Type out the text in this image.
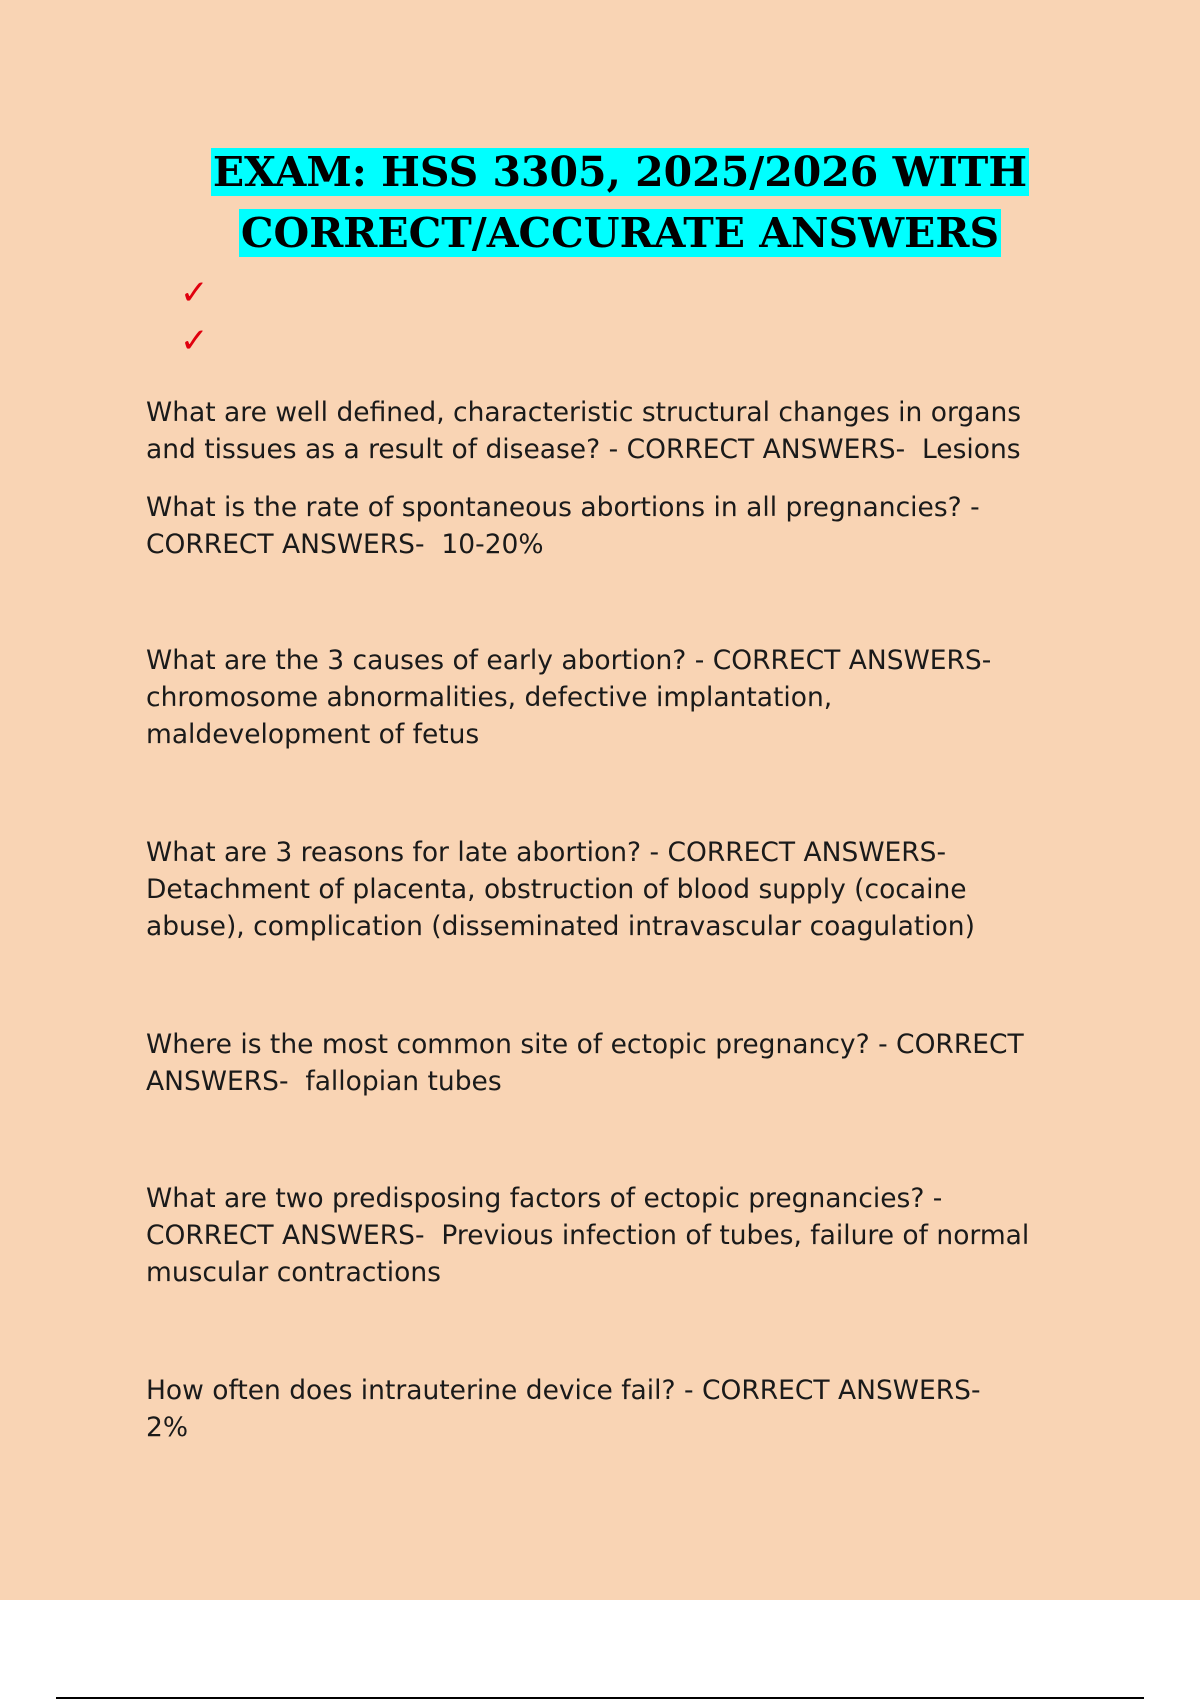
EXAM: HSS 3305, 2025/2026 WITH
CORRECT/ACCURATE ANSWERS
✓
✓

What are well defined, characteristic structural changes in organs
and tissues as a result of disease? - CORRECT ANSWERS-  Lesions

What is the rate of spontaneous abortions in all pregnancies? -
CORRECT ANSWERS-  10-20%

What are the 3 causes of early abortion? - CORRECT ANSWERS-
chromosome abnormalities, defective implantation,
maldevelopment of fetus

What are 3 reasons for late abortion? - CORRECT ANSWERS-
Detachment of placenta, obstruction of blood supply (cocaine
abuse), complication (disseminated intravascular coagulation)

Where is the most common site of ectopic pregnancy? - CORRECT
ANSWERS-  fallopian tubes

What are two predisposing factors of ectopic pregnancies? -
CORRECT ANSWERS-  Previous infection of tubes, failure of normal
muscular contractions

How often does intrauterine device fail? - CORRECT ANSWERS-
2%
